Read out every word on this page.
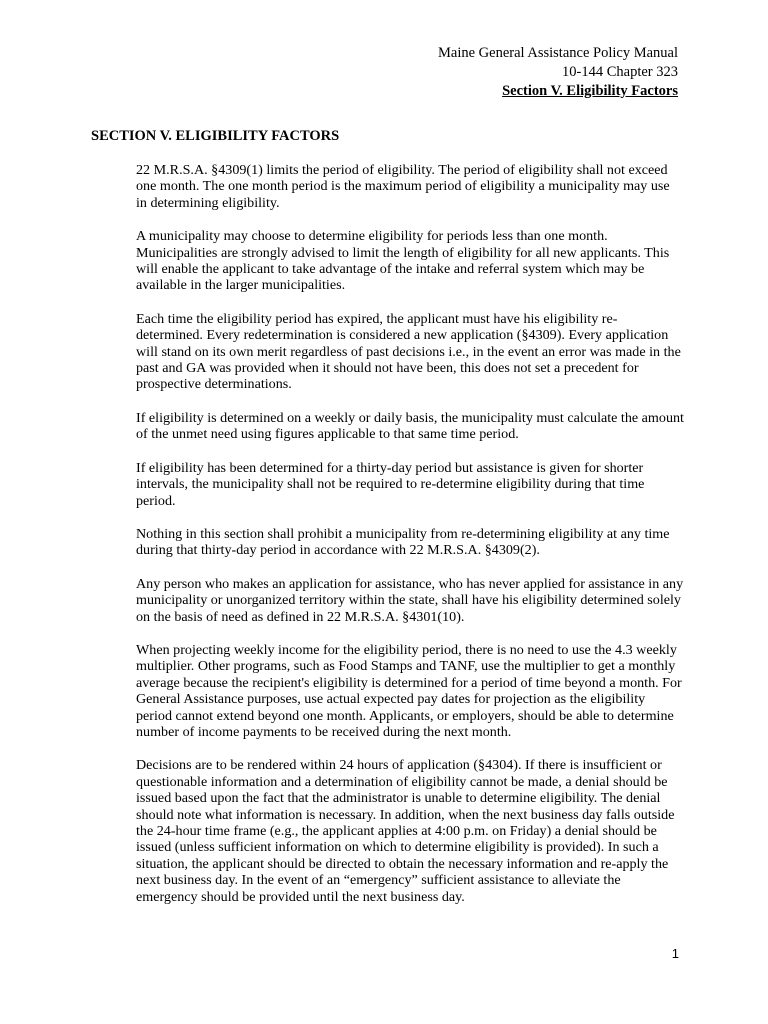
Maine General Assistance Policy Manual
10-144 Chapter 323
Section V. Eligibility Factors
SECTION V. ELIGIBILITY FACTORS

22 M.R.S.A. §4309(1) limits the period of eligibility. The period of eligibility shall not exceed one month. The one month period is the maximum period of eligibility a municipality may use in determining eligibility.

A municipality may choose to determine eligibility for periods less than one month. Municipalities are strongly advised to limit the length of eligibility for all new applicants. This will enable the applicant to take advantage of the intake and referral system which may be available in the larger municipalities.

Each time the eligibility period has expired, the applicant must have his eligibility re-determined. Every redetermination is considered a new application (§4309). Every application will stand on its own merit regardless of past decisions i.e., in the event an error was made in the past and GA was provided when it should not have been, this does not set a precedent for prospective determinations.

If eligibility is determined on a weekly or daily basis, the municipality must calculate the amount of the unmet need using figures applicable to that same time period.

If eligibility has been determined for a thirty-day period but assistance is given for shorter intervals, the municipality shall not be required to re-determine eligibility during that time period.

Nothing in this section shall prohibit a municipality from re-determining eligibility at any time during that thirty-day period in accordance with 22 M.R.S.A. §4309(2).

Any person who makes an application for assistance, who has never applied for assistance in any municipality or unorganized territory within the state, shall have his eligibility determined solely on the basis of need as defined in 22 M.R.S.A. §4301(10).

When projecting weekly income for the eligibility period, there is no need to use the 4.3 weekly multiplier. Other programs, such as Food Stamps and TANF, use the multiplier to get a monthly average because the recipient's eligibility is determined for a period of time beyond a month. For General Assistance purposes, use actual expected pay dates for projection as the eligibility period cannot extend beyond one month. Applicants, or employers, should be able to determine number of income payments to be received during the next month.

Decisions are to be rendered within 24 hours of application (§4304). If there is insufficient or questionable information and a determination of eligibility cannot be made, a denial should be issued based upon the fact that the administrator is unable to determine eligibility. The denial should note what information is necessary. In addition, when the next business day falls outside the 24-hour time frame (e.g., the applicant applies at 4:00 p.m. on Friday) a denial should be issued (unless sufficient information on which to determine eligibility is provided). In such a situation, the applicant should be directed to obtain the necessary information and re-apply the next business day. In the event of an “emergency” sufficient assistance to alleviate the emergency should be provided until the next business day.

1
